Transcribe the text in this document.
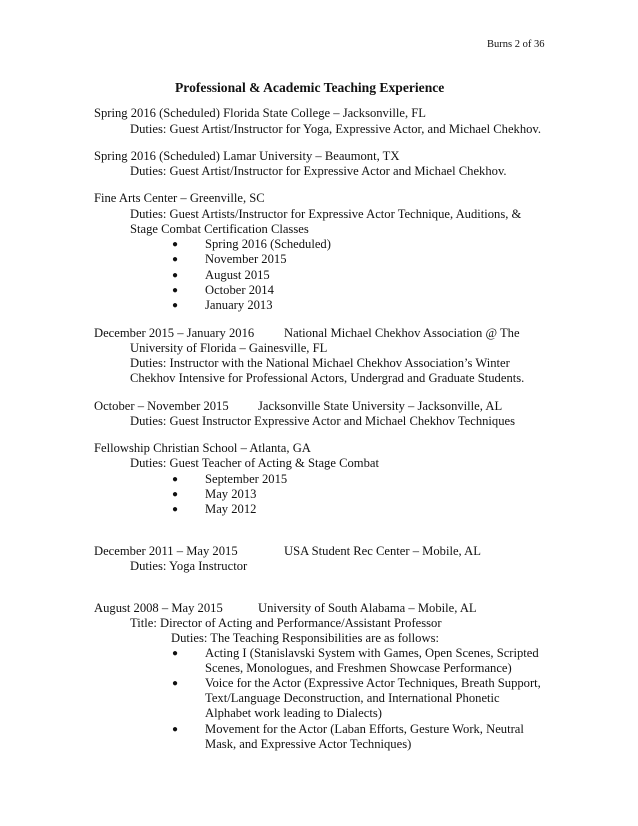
Burns 2 of 36
Professional & Academic Teaching Experience
Spring 2016 (Scheduled) Florida State College – Jacksonville, FL
Duties: Guest Artist/Instructor for Yoga, Expressive Actor, and Michael Chekhov.
Spring 2016 (Scheduled) Lamar University – Beaumont, TX
Duties: Guest Artist/Instructor for Expressive Actor and Michael Chekhov.
Fine Arts Center – Greenville, SC
Duties: Guest Artists/Instructor for Expressive Actor Technique, Auditions, &
Stage Combat Certification Classes
● Spring 2016 (Scheduled)
● November 2015
● August 2015
● October 2014
● January 2013
December 2015 – January 2016 National Michael Chekhov Association @ The
University of Florida – Gainesville, FL
Duties: Instructor with the National Michael Chekhov Association’s Winter
Chekhov Intensive for Professional Actors, Undergrad and Graduate Students.
October – November 2015 Jacksonville State University – Jacksonville, AL
Duties: Guest Instructor Expressive Actor and Michael Chekhov Techniques
Fellowship Christian School – Atlanta, GA
Duties: Guest Teacher of Acting & Stage Combat
● September 2015
● May 2013
● May 2012
December 2011 – May 2015	USA Student Rec Center – Mobile, AL
Duties: Yoga Instructor
August 2008 – May 2015	University of South Alabama – Mobile, AL
Title: Director of Acting and Performance/Assistant Professor
Duties: The Teaching Responsibilities are as follows:
● Acting I (Stanislavski System with Games, Open Scenes, Scripted
Scenes, Monologues, and Freshmen Showcase Performance)
● Voice for the Actor (Expressive Actor Techniques, Breath Support,
Text/Language Deconstruction, and International Phonetic
Alphabet work leading to Dialects)
● Movement for the Actor (Laban Efforts, Gesture Work, Neutral
Mask, and Expressive Actor Techniques)
